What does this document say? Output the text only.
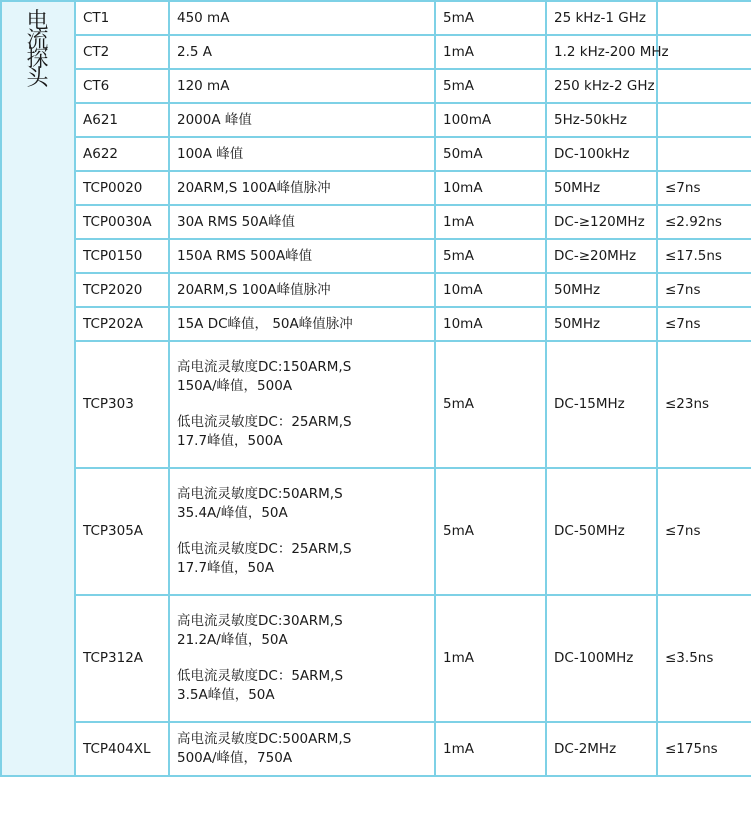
电流探头	CT1	450 mA	5mA	25 kHz-1 GHz	
	CT2	2.5 A	1mA	1.2 kHz-200 MHz	
	CT6	120 mA	5mA	250 kHz-2 GHz	
	A621	2000A 峰值	100mA	5Hz-50kHz	
	A622	100A 峰值	50mA	DC-100kHz	
	TCP0020	20ARM,S 100A峰值脉冲	10mA	50MHz	≤7ns
	TCP0030A	30A RMS 50A峰值	1mA	DC-≥120MHz	≤2.92ns
	TCP0150	150A RMS 500A峰值	5mA	DC-≥20MHz	≤17.5ns
	TCP2020	20ARM,S 100A峰值脉冲	10mA	50MHz	≤7ns
	TCP202A	15A DC峰值， 50A峰值脉冲	10mA	50MHz	≤7ns
	TCP303	高电流灵敏度DC:150ARM,S
150A/峰值，500A
低电流灵敏度DC：25ARM,S
17.7峰值，500A	5mA	DC-15MHz	≤23ns
	TCP305A	高电流灵敏度DC:50ARM,S
35.4A/峰值，50A
低电流灵敏度DC：25ARM,S
17.7峰值，50A	5mA	DC-50MHz	≤7ns
	TCP312A	高电流灵敏度DC:30ARM,S
21.2A/峰值，50A
低电流灵敏度DC：5ARM,S
3.5A峰值，50A	1mA	DC-100MHz	≤3.5ns
	TCP404XL	高电流灵敏度DC:500ARM,S
500A/峰值，750A	1mA	DC-2MHz	≤175ns
